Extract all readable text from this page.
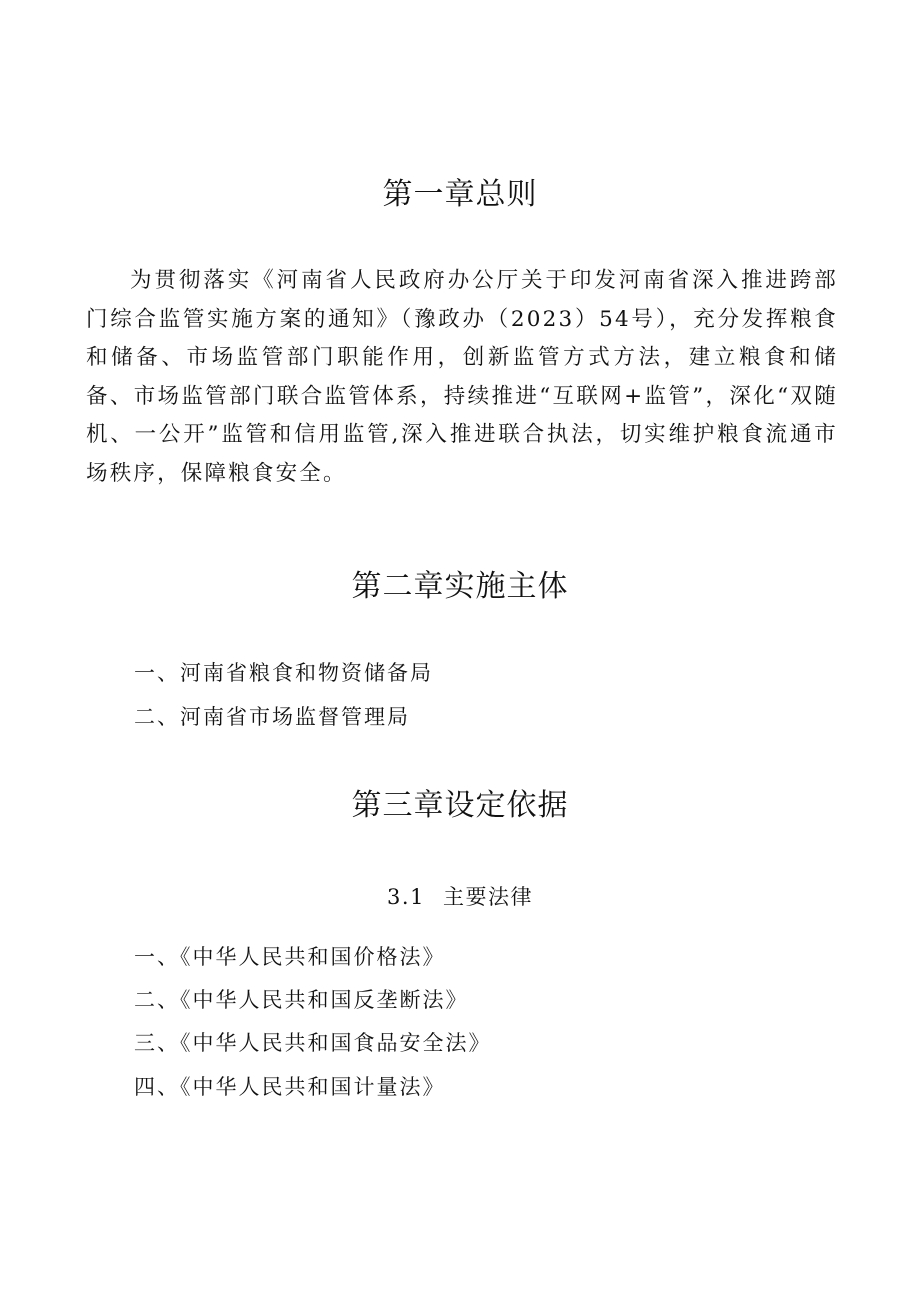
第一章总则

为贯彻落实《河南省人民政府办公厅关于印发河南省深入推进跨部门综合监管实施方案的通知》（豫政办（2023）54号），充分发挥粮食和储备、市场监管部门职能作用，创新监管方式方法，建立粮食和储备、市场监管部门联合监管体系，持续推进“互联网+监管”，深化“双随机、一公开”监管和信用监管,深入推进联合执法，切实维护粮食流通市场秩序，保障粮食安全。

第二章实施主体

一、河南省粮食和物资储备局

二、河南省市场监督管理局

第三章设定依据
3.1 主要法律

一、《中华人民共和国价格法》

二、《中华人民共和国反垄断法》

三、《中华人民共和国食品安全法》

四、《中华人民共和国计量法》
